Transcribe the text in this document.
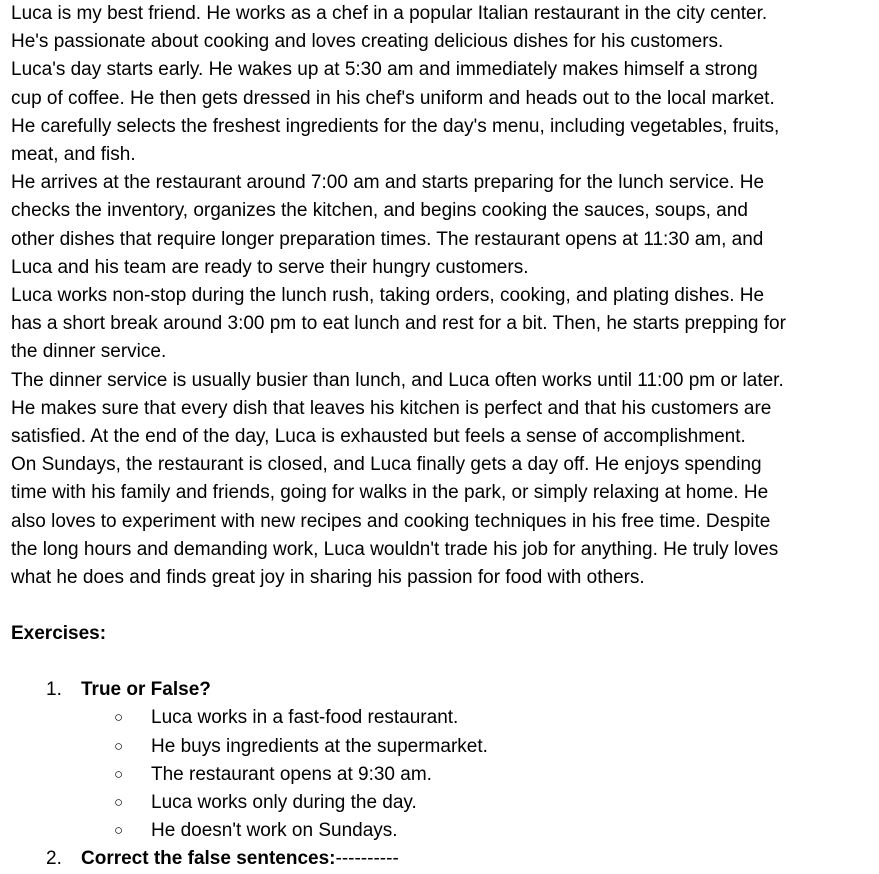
Luca is my best friend. He works as a chef in a popular Italian restaurant in the city center.

He's passionate about cooking and loves creating delicious dishes for his customers.

Luca's day starts early. He wakes up at 5:30 am and immediately makes himself a strong

cup of coffee. He then gets dressed in his chef's uniform and heads out to the local market.

He carefully selects the freshest ingredients for the day's menu, including vegetables, fruits,

meat, and fish.

He arrives at the restaurant around 7:00 am and starts preparing for the lunch service. He

checks the inventory, organizes the kitchen, and begins cooking the sauces, soups, and

other dishes that require longer preparation times. The restaurant opens at 11:30 am, and

Luca and his team are ready to serve their hungry customers.

Luca works non-stop during the lunch rush, taking orders, cooking, and plating dishes. He

has a short break around 3:00 pm to eat lunch and rest for a bit. Then, he starts prepping for

the dinner service.

The dinner service is usually busier than lunch, and Luca often works until 11:00 pm or later.

He makes sure that every dish that leaves his kitchen is perfect and that his customers are

satisfied. At the end of the day, Luca is exhausted but feels a sense of accomplishment.

On Sundays, the restaurant is closed, and Luca finally gets a day off. He enjoys spending

time with his family and friends, going for walks in the park, or simply relaxing at home. He

also loves to experiment with new recipes and cooking techniques in his free time. Despite

the long hours and demanding work, Luca wouldn't trade his job for anything. He truly loves

what he does and finds great joy in sharing his passion for food with others.

Exercises:

1. True or False?
○ Luca works in a fast-food restaurant.
○ He buys ingredients at the supermarket.
○ The restaurant opens at 9:30 am.
○ Luca works only during the day.
○ He doesn't work on Sundays.
2. Correct the false sentences:----------
